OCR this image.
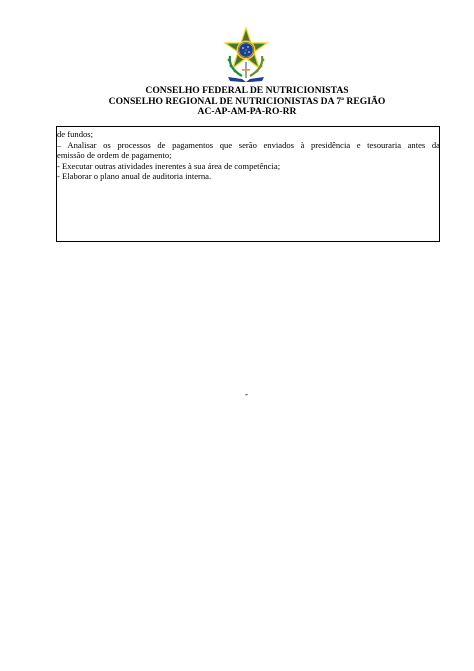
CONSELHO FEDERAL DE NUTRICIONISTAS
CONSELHO REGIONAL DE NUTRICIONISTAS DA 7ª REGIÃO
AC-AP-AM-PA-RO-RR
de fundos;
– Analisar os processos de pagamentos que serão enviados à presidência e tesouraria antes da
emissão de ordem de pagamento;
- Executar outras atividades inerentes à sua área de competência;
- Elaborar o plano anual de auditoria interna.
-
